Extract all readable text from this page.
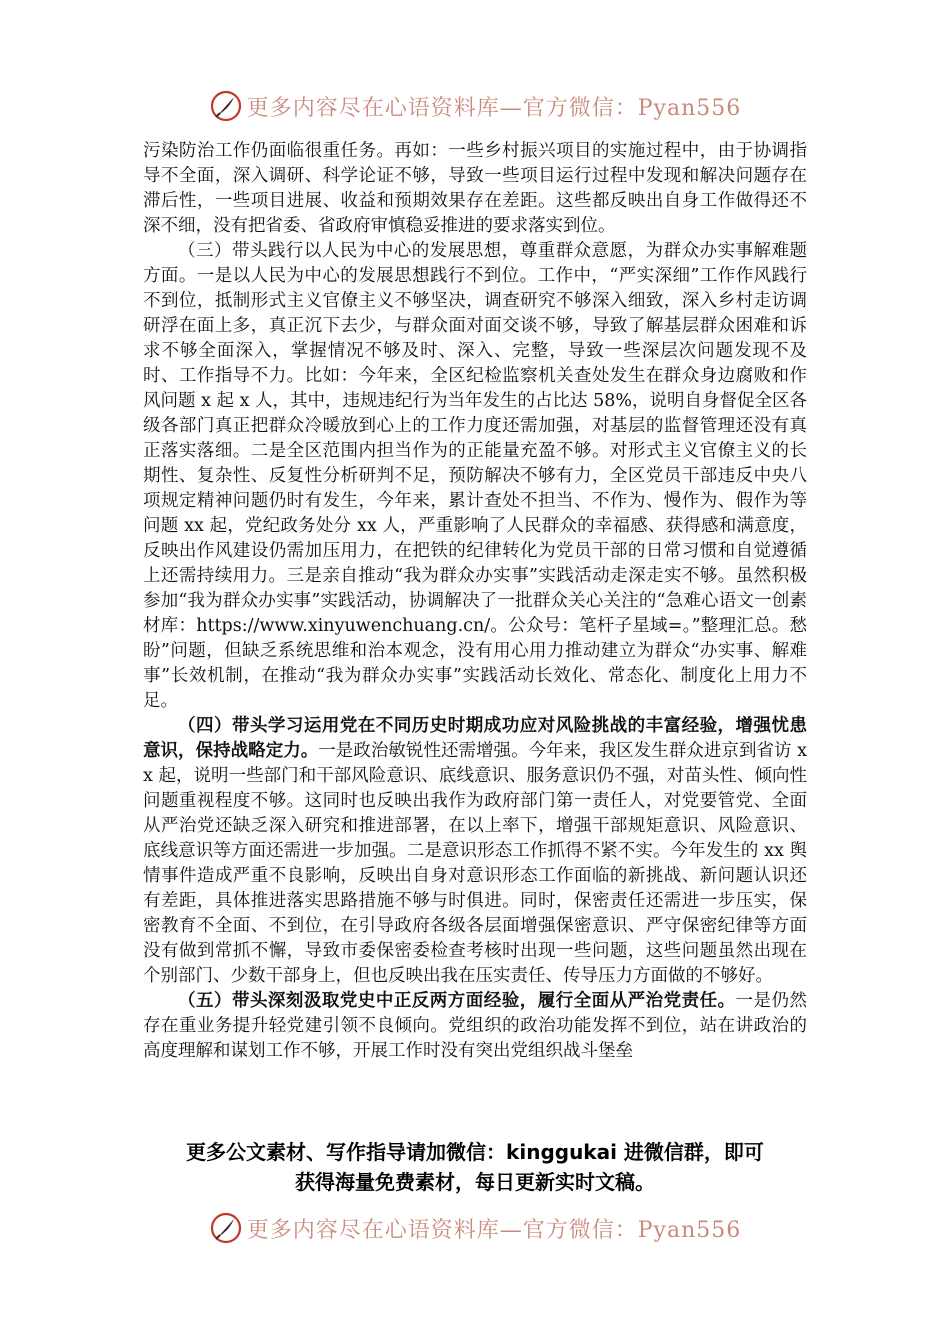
更多内容尽在心语资料库—官方微信：Pyan556

污染防治工作仍面临很重任务。再如：一些乡村振兴项目的实施过程中，由于协调指导不全面，深入调研、科学论证不够，导致一些项目运行过程中发现和解决问题存在滞后性，一些项目进展、收益和预期效果存在差距。这些都反映出自身工作做得还不深不细，没有把省委、省政府审慎稳妥推进的要求落实到位。

（三）带头践行以人民为中心的发展思想，尊重群众意愿，为群众办实事解难题方面。一是以人民为中心的发展思想践行不到位。工作中，“严实深细”工作作风践行不到位，抵制形式主义官僚主义不够坚决，调查研究不够深入细致，深入乡村走访调研浮在面上多，真正沉下去少，与群众面对面交谈不够，导致了解基层群众困难和诉求不够全面深入，掌握情况不够及时、深入、完整，导致一些深层次问题发现不及时、工作指导不力。比如：今年来，全区纪检监察机关查处发生在群众身边腐败和作风问题 x 起 x 人，其中，违规违纪行为当年发生的占比达 58%，说明自身督促全区各级各部门真正把群众冷暖放到心上的工作力度还需加强，对基层的监督管理还没有真正落实落细。二是全区范围内担当作为的正能量充盈不够。对形式主义官僚主义的长期性、复杂性、反复性分析研判不足，预防解决不够有力，全区党员干部违反中央八项规定精神问题仍时有发生，今年来，累计查处不担当、不作为、慢作为、假作为等问题 xx 起，党纪政务处分 xx 人，严重影响了人民群众的幸福感、获得感和满意度，反映出作风建设仍需加压用力，在把铁的纪律转化为党员干部的日常习惯和自觉遵循上还需持续用力。三是亲自推动“我为群众办实事”实践活动走深走实不够。虽然积极参加“我为群众办实事”实践活动，协调解决了一批群众关心关注的“急难心语文一创素材库：https://www.xinyuwenchuang.cn/。公众号：笔杆子星域=。”整理汇总。愁盼”问题，但缺乏系统思维和治本观念，没有用心用力推动建立为群众“办实事、解难事”长效机制，在推动“我为群众办实事”实践活动长效化、常态化、制度化上用力不足。

（四）带头学习运用党在不同历史时期成功应对风险挑战的丰富经验，增强忧患意识，保持战略定力。一是政治敏锐性还需增强。今年来，我区发生群众进京到省访 xx 起，说明一些部门和干部风险意识、底线意识、服务意识仍不强，对苗头性、倾向性问题重视程度不够。这同时也反映出我作为政府部门第一责任人，对党要管党、全面从严治党还缺乏深入研究和推进部署，在以上率下，增强干部规矩意识、风险意识、底线意识等方面还需进一步加强。二是意识形态工作抓得不紧不实。今年发生的 xx 舆情事件造成严重不良影响，反映出自身对意识形态工作面临的新挑战、新问题认识还有差距，具体推进落实思路措施不够与时俱进。同时，保密责任还需进一步压实，保密教育不全面、不到位，在引导政府各级各层面增强保密意识、严守保密纪律等方面没有做到常抓不懈，导致市委保密委检查考核时出现一些问题，这些问题虽然出现在个别部门、少数干部身上，但也反映出我在压实责任、传导压力方面做的不够好。

（五）带头深刻汲取党史中正反两方面经验，履行全面从严治党责任。一是仍然存在重业务提升轻党建引领不良倾向。党组织的政治功能发挥不到位，站在讲政治的高度理解和谋划工作不够，开展工作时没有突出党组织战斗堡垒

更多公文素材、写作指导请加微信：kinggukai 进微信群，即可
获得海量免费素材，每日更新实时文稿。
更多内容尽在心语资料库—官方微信：Pyan556
